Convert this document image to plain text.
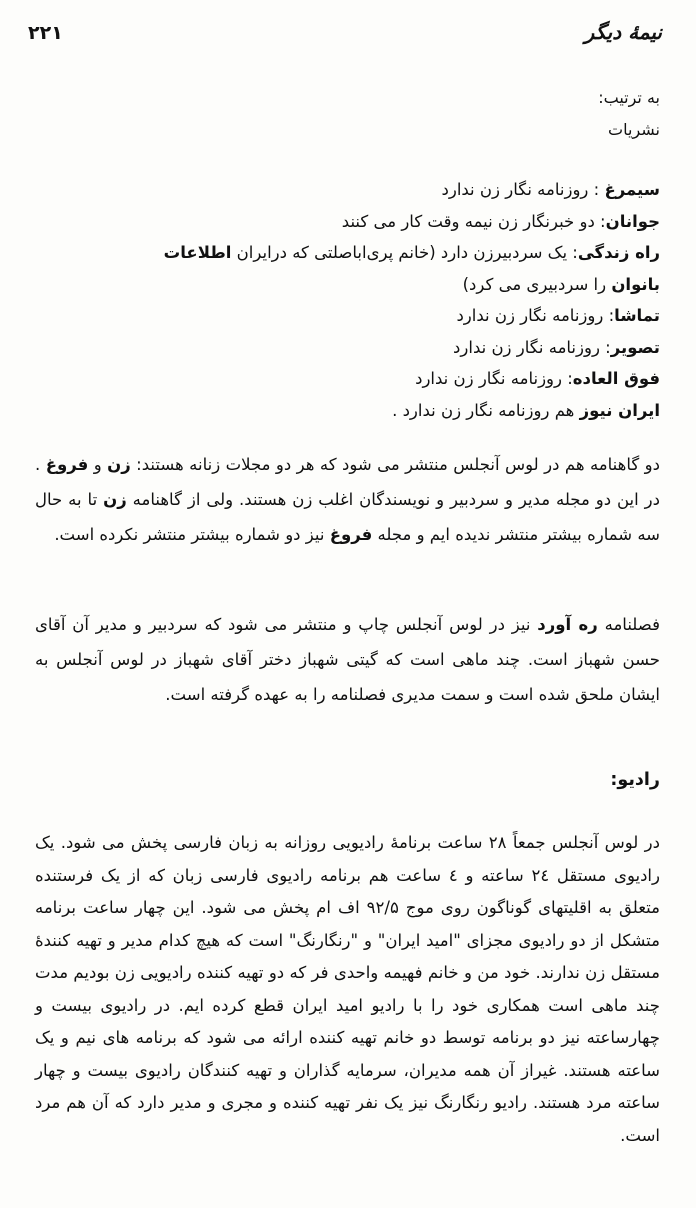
نیمهٔ دیگر
۲۲۱
به ترتیب:
نشریات
سیمرغ : روزنامه نگار زن ندارد
جوانان: دو خبرنگار زن نیمه وقت کار می کنند
راه زندگی: یک سردبیرزن دارد (خانم پری‌اباصلتی که درایران اطلاعات
بانوان را سردبیری می کرد)
تماشا: روزنامه نگار زن ندارد
تصویر: روزنامه نگار زن ندارد
فوق العاده: روزنامه نگار زن ندارد
ایران نیوز هم روزنامه نگار زن ندارد .

دو گاهنامه هم در لوس آنجلس منتشر می شود که هر دو مجلات زنانه هستند: زن و فروغ . در این دو مجله مدیر و سردبیر و نویسندگان اغلب زن هستند. ولی از گاهنامه زن تا به حال سه شماره بیشتر منتشر ندیده ایم و مجله فروغ نیز دو شماره بیشتر منتشر نکرده است.

فصلنامه ره آورد نیز در لوس آنجلس چاپ و منتشر می شود که سردبیر و مدیر آن آقای حسن شهباز است. چند ماهی است که گیتی شهباز دختر آقای شهباز در لوس آنجلس به ایشان ملحق شده است و سمت مدیری فصلنامه را به عهده گرفته است.

رادیو:

در لوس آنجلس جمعاً ۲۸ ساعت برنامهٔ رادیویی روزانه به زبان فارسی پخش می شود. یک رادیوی مستقل ۲٤ ساعته و ٤ ساعت هم برنامه رادیوی فارسی زبان که از یک فرستنده متعلق به اقلیتهای گوناگون روی موج ۹۲/۵ اف ام پخش می شود. این چهار ساعت برنامه متشکل از دو رادیوی مجزای "امید ایران" و "رنگارنگ" است که هیچ کدام مدیر و تهیه کنندهٔ مستقل زن ندارند. خود من و خانم فهیمه واحدی فر که دو تهیه کننده رادیویی زن بودیم مدت چند ماهی است همکاری خود را با رادیو امید ایران قطع کرده ایم. در رادیوی بیست و چهارساعته نیز دو برنامه توسط دو خانم تهیه کننده ارائه می شود که برنامه های نیم و یک ساعته هستند. غیراز آن همه مدیران، سرمایه گذاران و تهیه کنندگان رادیوی بیست و چهار ساعته مرد هستند. رادیو رنگارنگ نیز یک نفر تهیه کننده و مجری و مدیر دارد که آن هم مرد است.
